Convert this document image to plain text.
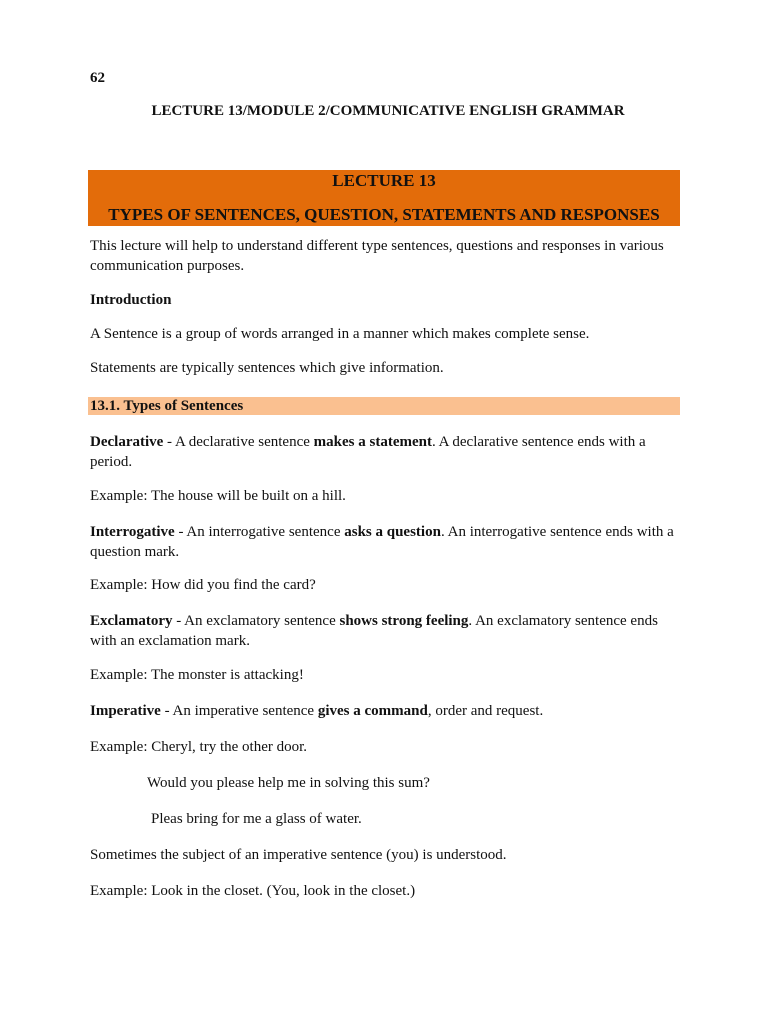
62
LECTURE 13/MODULE 2/COMMUNICATIVE ENGLISH GRAMMAR
LECTURE 13
TYPES OF SENTENCES, QUESTION, STATEMENTS AND RESPONSES
This lecture will help to understand different type sentences, questions and responses in various communication purposes.
Introduction
A Sentence is a group of words arranged in a manner which makes complete sense.
Statements are typically sentences which give information.
13.1. Types of Sentences
Declarative - A declarative sentence makes a statement. A declarative sentence ends with a period.
Example: The house will be built on a hill.
Interrogative - An interrogative sentence asks a question. An interrogative sentence ends with a question mark.
Example: How did you find the card?
Exclamatory - An exclamatory sentence shows strong feeling. An exclamatory sentence ends with an exclamation mark.
Example: The monster is attacking!
Imperative - An imperative sentence gives a command, order and request.
Example: Cheryl, try the other door.
Would you please help me in solving this sum?
Pleas bring for me a glass of water.
Sometimes the subject of an imperative sentence (you) is understood.
Example: Look in the closet. (You, look in the closet.)
